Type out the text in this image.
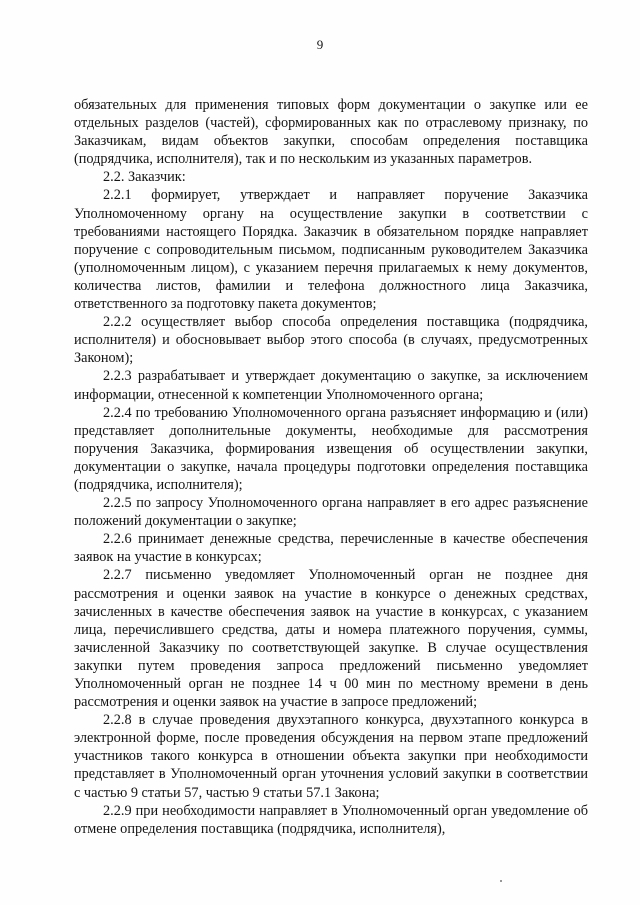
9

обязательных для применения типовых форм документации о закупке или ее отдельных разделов (частей), сформированных как по отраслевому признаку, по Заказчикам, видам объектов закупки, способам определения поставщика (подрядчика, исполнителя), так и по нескольким из указанных параметров.

2.2. Заказчик:

2.2.1 формирует, утверждает и направляет поручение Заказчика Уполномоченному органу на осуществление закупки в соответствии с требованиями настоящего Порядка. Заказчик в обязательном порядке направляет поручение с сопроводительным письмом, подписанным руководителем Заказчика (уполномоченным лицом), с указанием перечня прилагаемых к нему документов, количества листов, фамилии и телефона должностного лица Заказчика, ответственного за подготовку пакета документов;

2.2.2 осуществляет выбор способа определения поставщика (подрядчика, исполнителя) и обосновывает выбор этого способа (в случаях, предусмотренных Законом);

2.2.3 разрабатывает и утверждает документацию о закупке, за исключением информации, отнесенной к компетенции Уполномоченного органа;

2.2.4 по требованию Уполномоченного органа разъясняет информацию и (или) представляет дополнительные документы, необходимые для рассмотрения поручения Заказчика, формирования извещения об осуществлении закупки, документации о закупке, начала процедуры подготовки определения поставщика (подрядчика, исполнителя);

2.2.5 по запросу Уполномоченного органа направляет в его адрес разъяснение положений документации о закупке;

2.2.6 принимает денежные средства, перечисленные в качестве обеспечения заявок на участие в конкурсах;

2.2.7 письменно уведомляет Уполномоченный орган не позднее дня рассмотрения и оценки заявок на участие в конкурсе о денежных средствах, зачисленных в качестве обеспечения заявок на участие в конкурсах, с указанием лица, перечислившего средства, даты и номера платежного поручения, суммы, зачисленной Заказчику по соответствующей закупке. В случае осуществления закупки путем проведения запроса предложений письменно уведомляет Уполномоченный орган не позднее 14 ч 00 мин по местному времени в день рассмотрения и оценки заявок на участие в запросе предложений;

2.2.8 в случае проведения двухэтапного конкурса, двухэтапного конкурса в электронной форме, после проведения обсуждения на первом этапе предложений участников такого конкурса в отношении объекта закупки при необходимости представляет в Уполномоченный орган уточнения условий закупки в соответствии с частью 9 статьи 57, частью 9 статьи 57.1 Закона;

2.2.9 при необходимости направляет в Уполномоченный орган уведомление об отмене определения поставщика (подрядчика, исполнителя),
